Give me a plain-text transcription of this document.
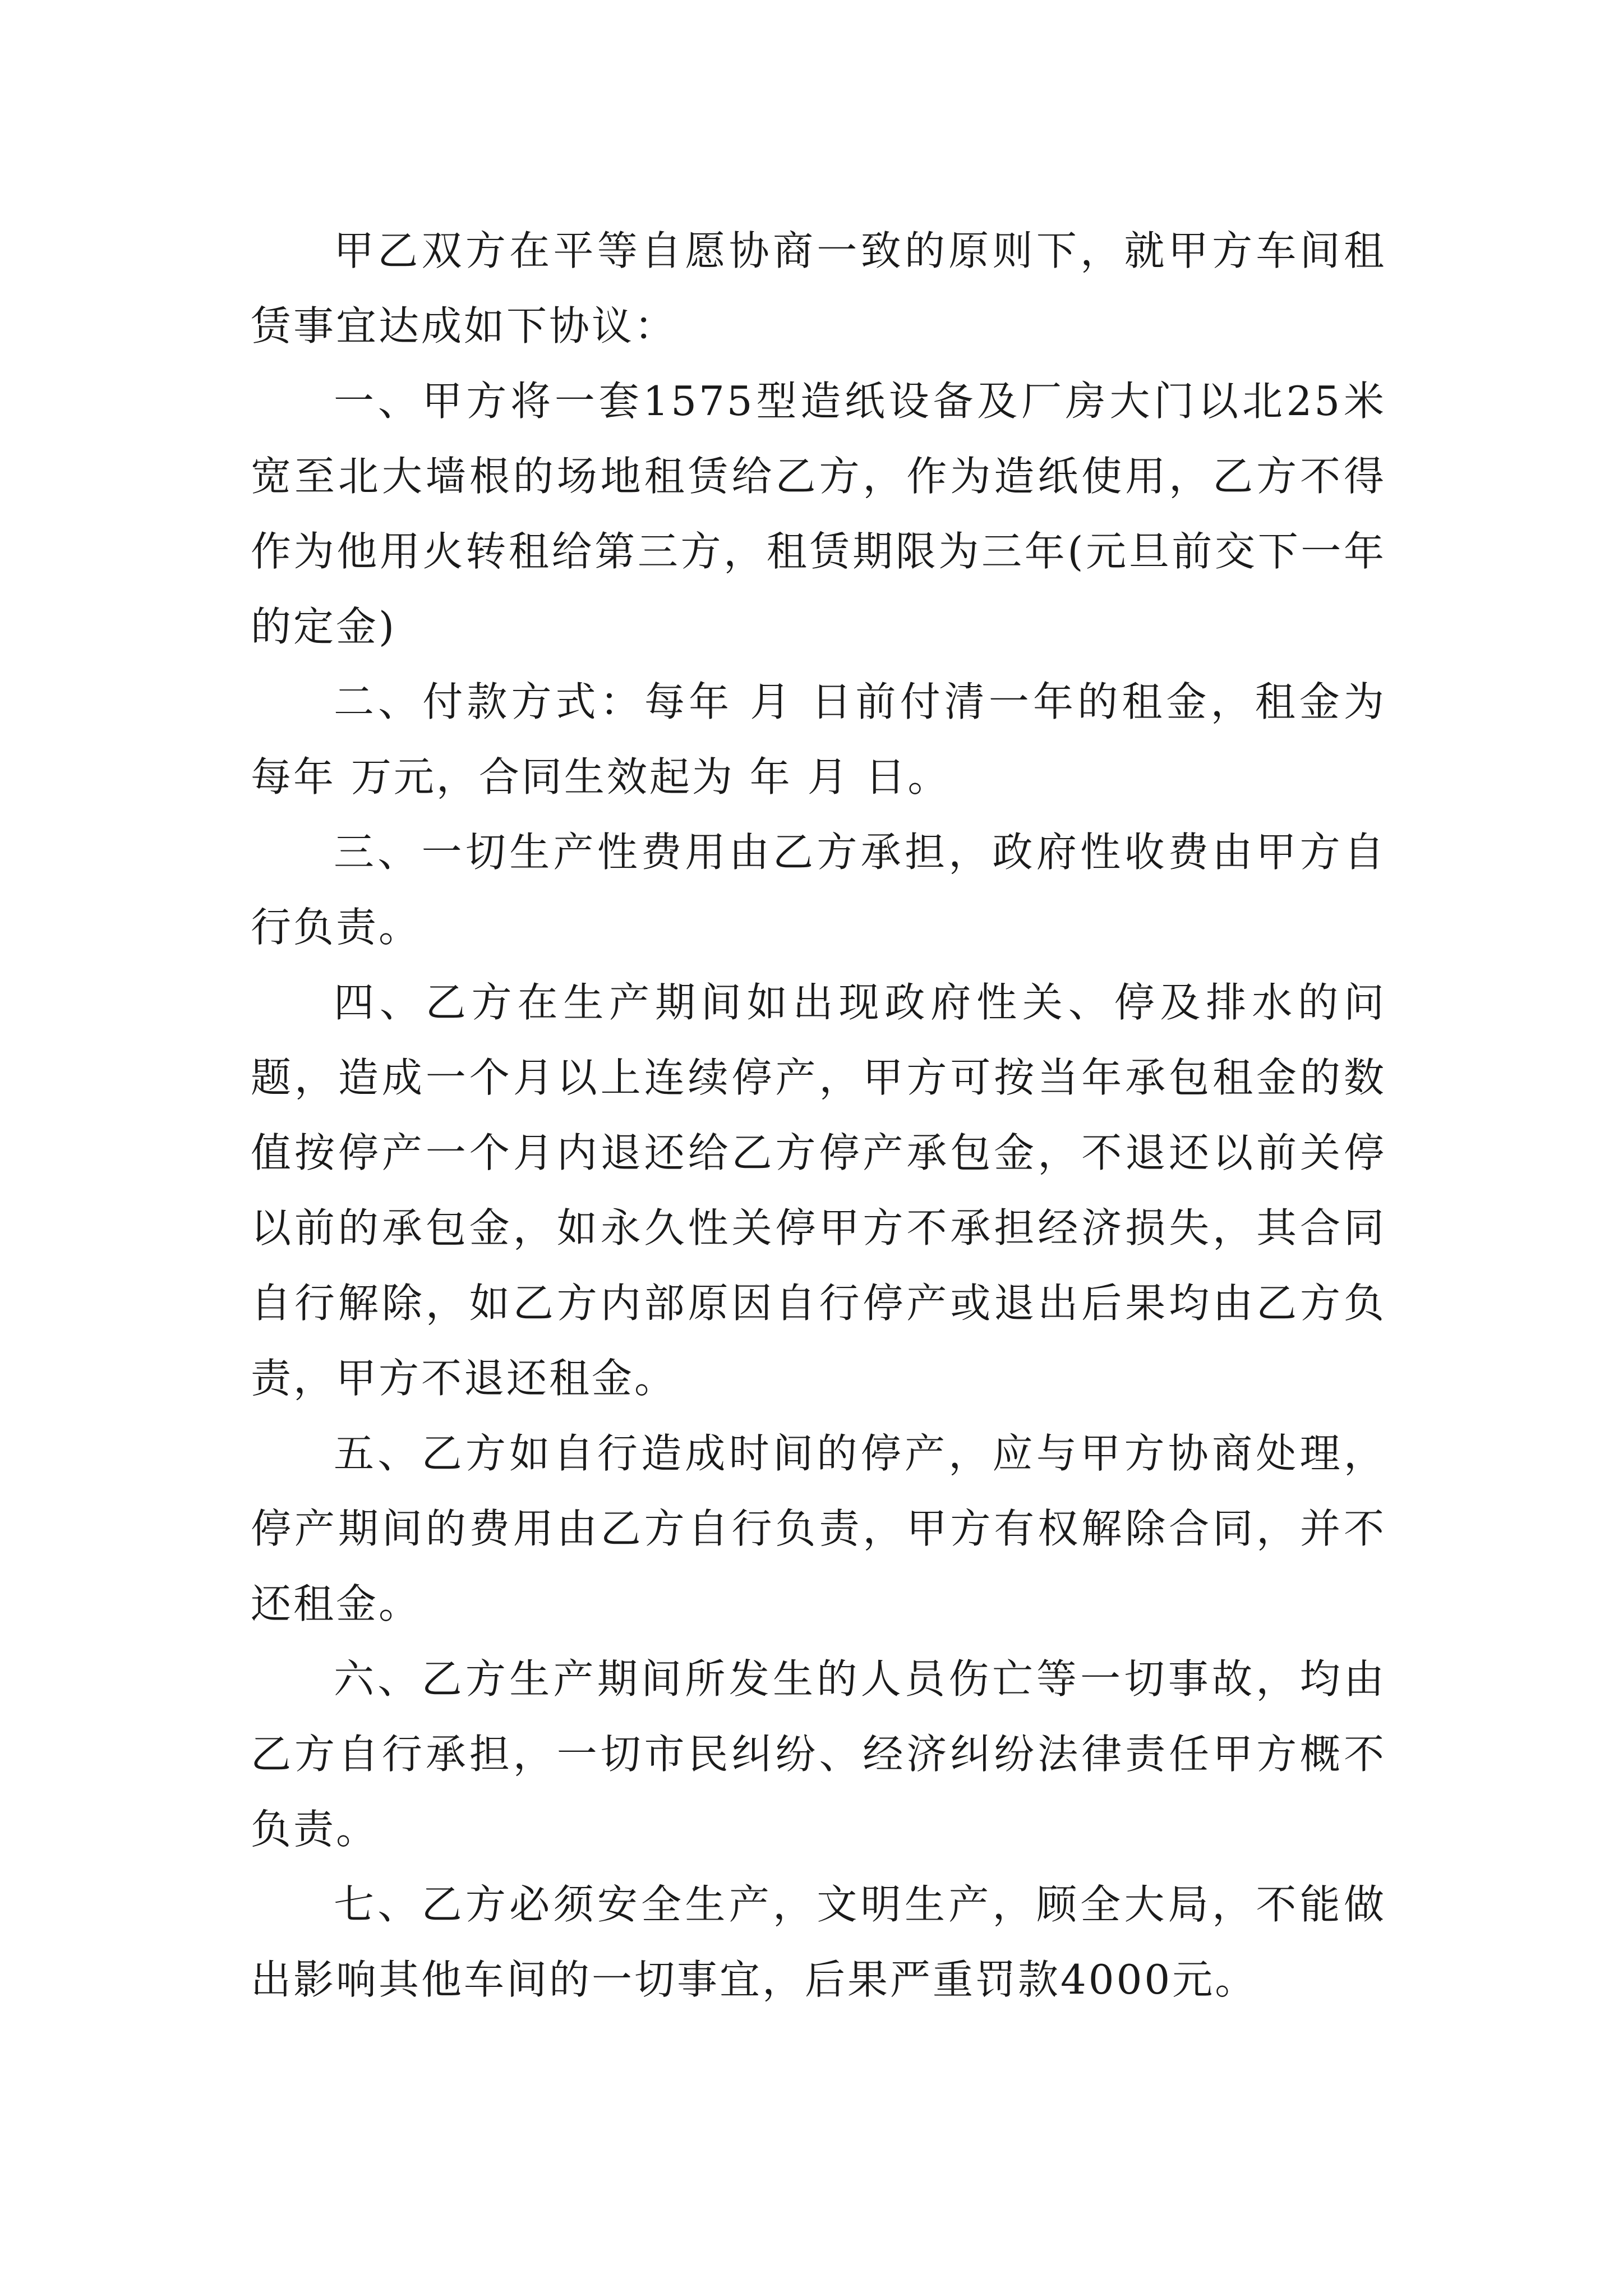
甲乙双方在平等自愿协商一致的原则下，就甲方车间租赁事宜达成如下协议：

一、甲方将一套1575型造纸设备及厂房大门以北25米宽至北大墙根的场地租赁给乙方，作为造纸使用，乙方不得作为他用火转租给第三方，租赁期限为三年(元旦前交下一年的定金)

二、付款方式：每年 月 日前付清一年的租金，租金为每年 万元，合同生效起为 年 月 日。

三、一切生产性费用由乙方承担，政府性收费由甲方自行负责。

四、乙方在生产期间如出现政府性关、停及排水的问题，造成一个月以上连续停产，甲方可按当年承包租金的数值按停产一个月内退还给乙方停产承包金，不退还以前关停以前的承包金，如永久性关停甲方不承担经济损失，其合同自行解除，如乙方内部原因自行停产或退出后果均由乙方负责，甲方不退还租金。

五、乙方如自行造成时间的停产，应与甲方协商处理，停产期间的费用由乙方自行负责，甲方有权解除合同，并不还租金。

六、乙方生产期间所发生的人员伤亡等一切事故，均由乙方自行承担，一切市民纠纷、经济纠纷法律责任甲方概不负责。

七、乙方必须安全生产，文明生产，顾全大局，不能做出影响其他车间的一切事宜，后果严重罚款4000元。
